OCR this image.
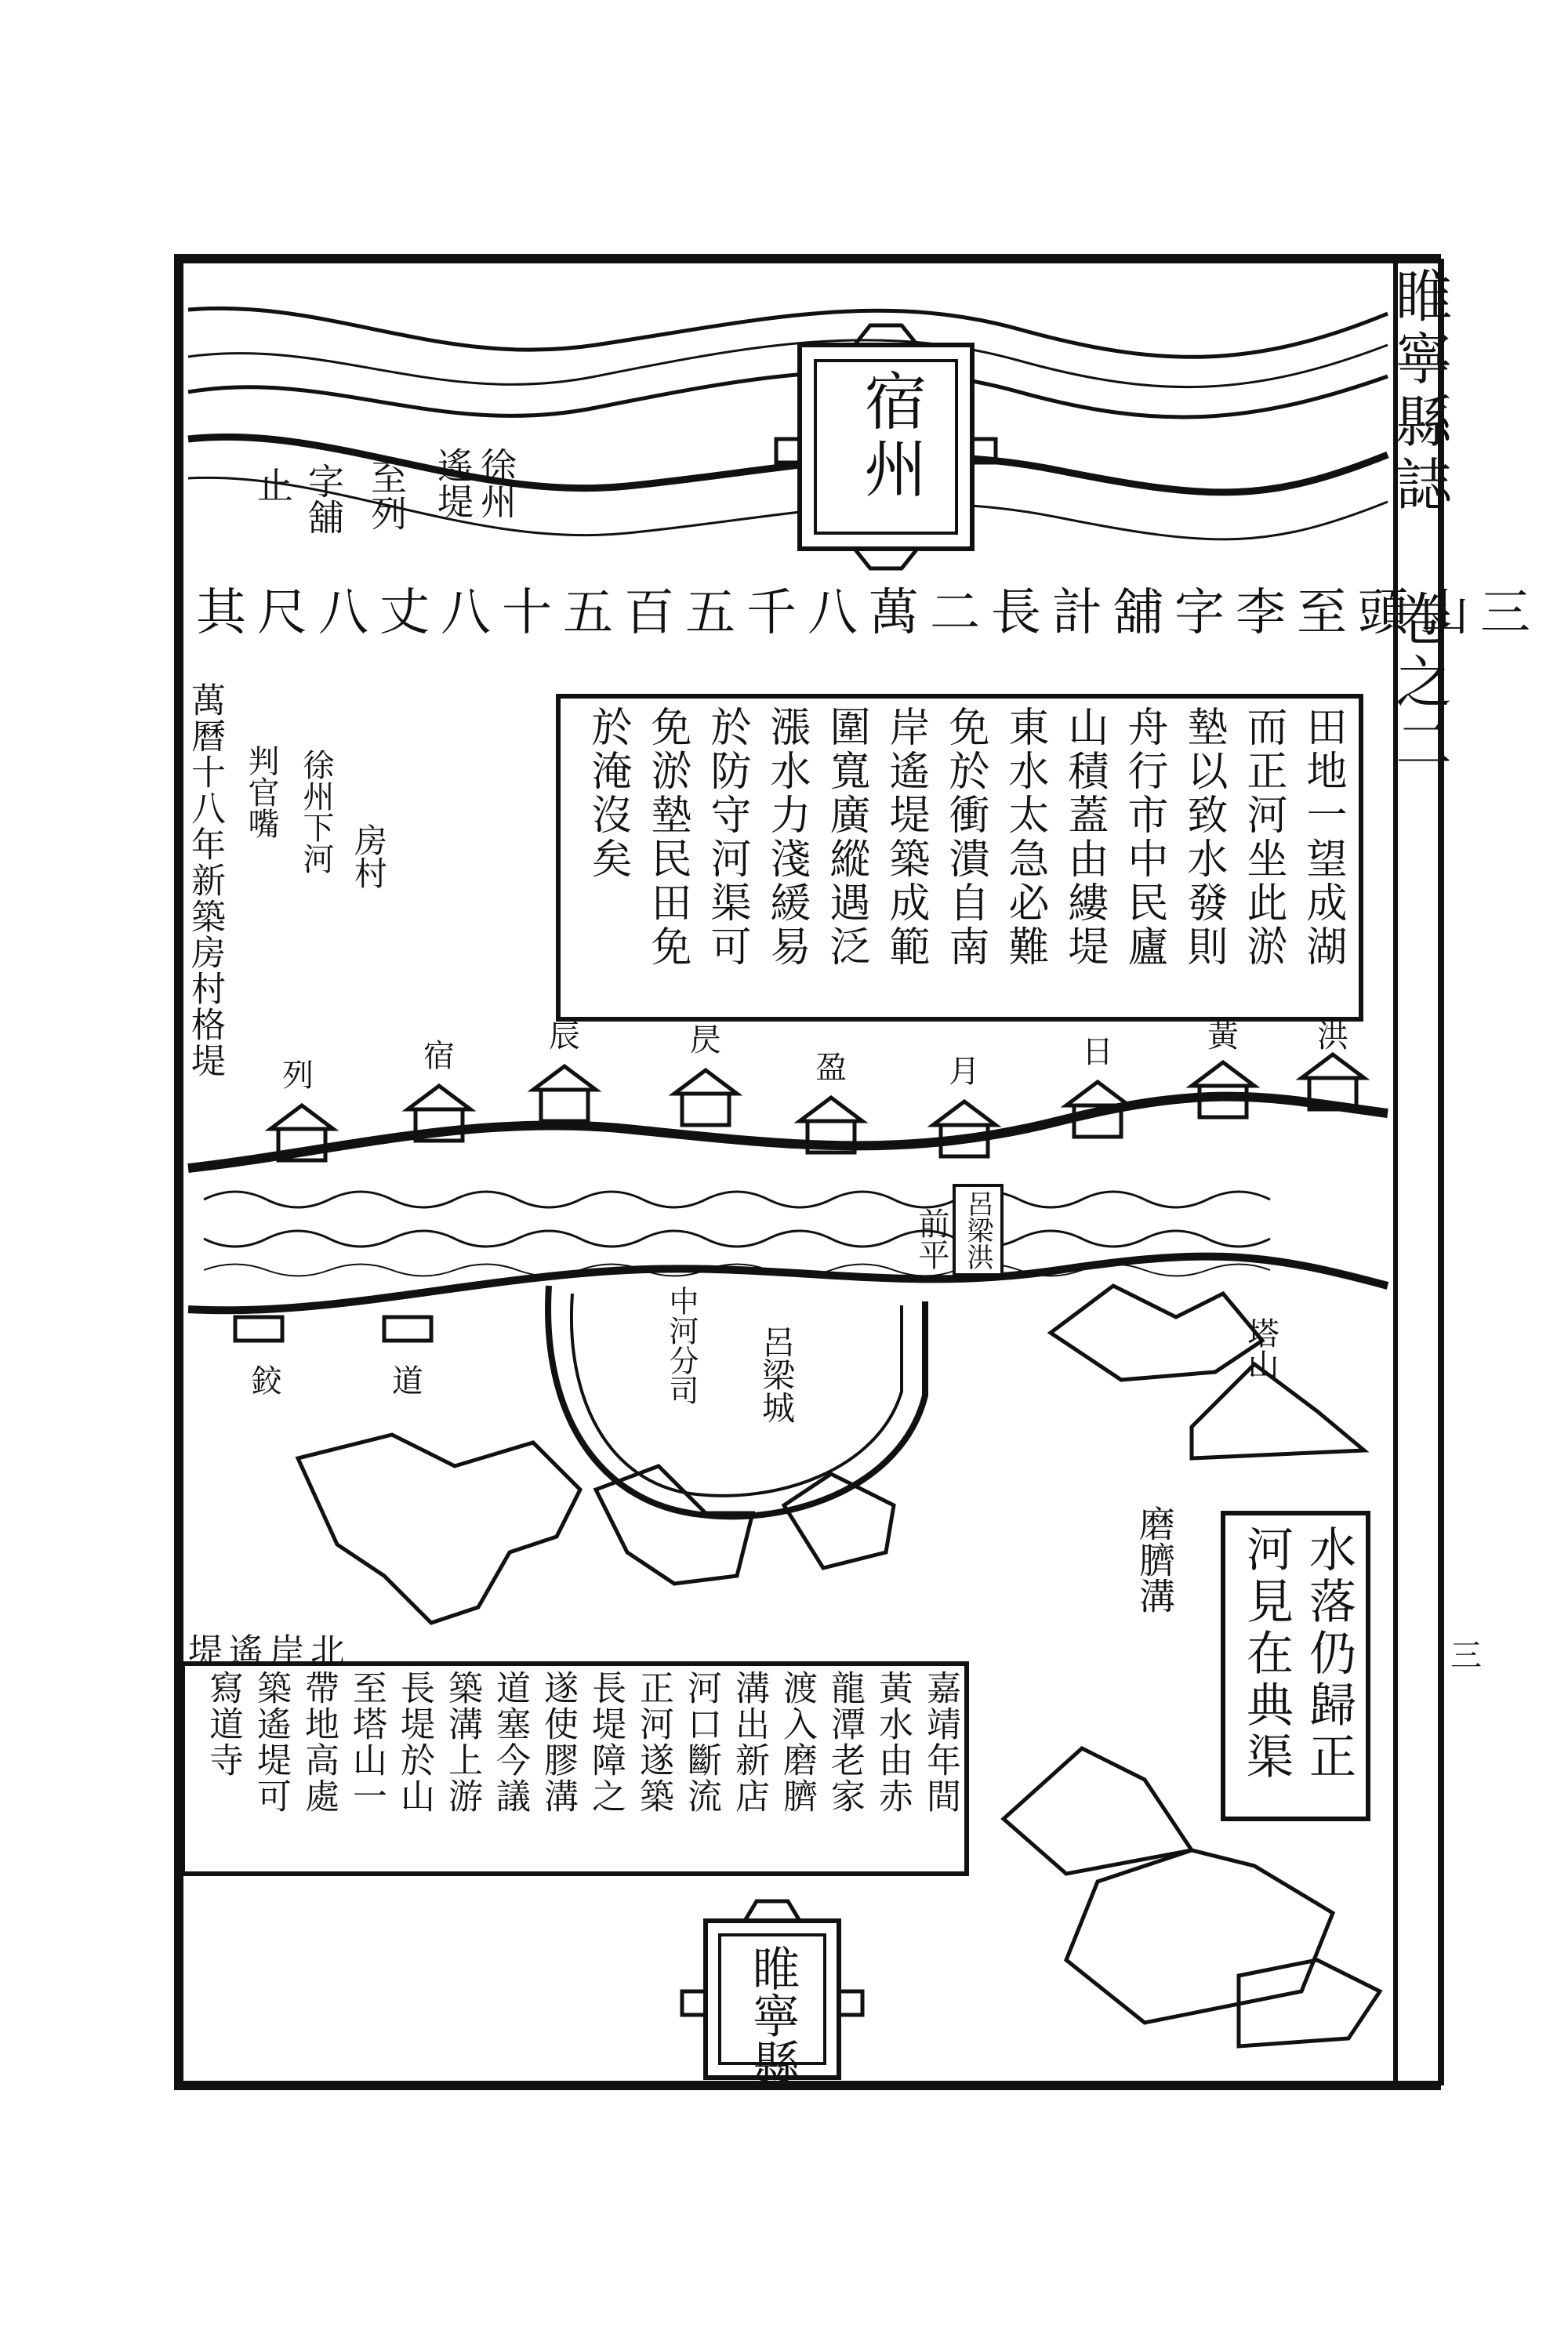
睢寧縣誌 卷之二
三
宿州
徐州
遙堤
至列
字舖
止
三山頭至李字舖計長二萬八千五百五十八丈八尺其
萬曆十八年新築房村格堤 判官嘴 徐州下河 房村	田地一望成湖
而正河坐此淤
墊以致水發則
舟行市中民廬
山積蓋由縷堤
東水太急必難
免於衝潰自南
岸遙堤築成範
圍寬廣縱遇泛
漲水力淺緩易
於防守河渠可
免淤墊民田免
於淹沒矣
列
宿
辰	昃
盈	月
日	黃	洪
鉸	道
呂梁洪
前平
中河分司 呂梁城	塔山
磨臍溝	水落仍歸正
河見在典渠
北岸遙堤
嘉靖年間
黃水由赤
龍潭老家
渡入磨臍
溝出新店
河口斷流
正河遂築
長堤障之
遂使膠溝
道塞今議
築溝上游
長堤於山
至塔山一
帶地高處
築遙堤可
寫道寺
睢寧縣
